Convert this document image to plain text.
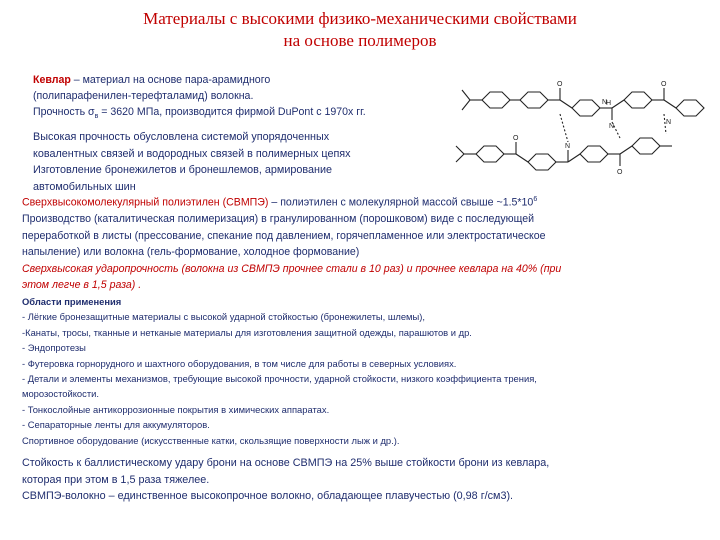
Материалы с высокими физико-механическими свойствами
на основе полимеров
Кевлар – материал на основе пара-арамидного
(полипарафенилен-терефталамид) волокна.
Прочность $\sigma_в = 3620$ МПа, производится фирмой DuPont с 1970х гг.
Высокая прочность обусловлена системой упорядоченных
ковалентных связей и водородных связей в полимерных цепях
Изготовление бронежилетов и бронешлемов, армирование
автомобильных шин
O	O
N
O
N
O
N
H
N
Сверхвысокомолекулярный полиэтилен (СВМПЭ) – полиэтилен с молекулярной массой свыше $\sim 1.5*10^6$
Производство (каталитическая полимеризация) в гранулированном (порошковом) виде с последующей
переработкой в листы (прессование, спекание под давлением, горячепламенное или электростатическое
напыление) или волокна (гель-формование, холодное формование)
Сверхвысокая ударопрочность (волокна из СВМПЭ прочнее стали в 10 раз) и прочнее кевлара на 40% (при
этом легче в 1,5 раза) .
Области применения
- Лёгкие бронезащитные материалы с высокой ударной стойкостью (бронежилеты, шлемы),
-Канаты, тросы, тканные и нетканые материалы для изготовления защитной одежды, парашютов и др.
- Эндопротезы
- Футеровка горнорудного и шахтного оборудования, в том числе для работы в северных условиях.
- Детали и элементы механизмов, требующие высокой прочности, ударной стойкости, низкого коэффициента трения,
морозостойкости.
- Тонкослойные антикоррозионные покрытия в химических аппаратах.
- Сепараторные ленты для аккумуляторов.
Спортивное оборудование (искусственные катки, скользящие поверхности лыж и др.).
Стойкость к баллистическому удару брони на основе СВМПЭ на 25% выше стойкости брони из кевлара,
которая при этом в 1,5 раза тяжелее.
СВМПЭ-волокно – единственное высокопрочное волокно, обладающее плавучестью (0,98 г/см3).
